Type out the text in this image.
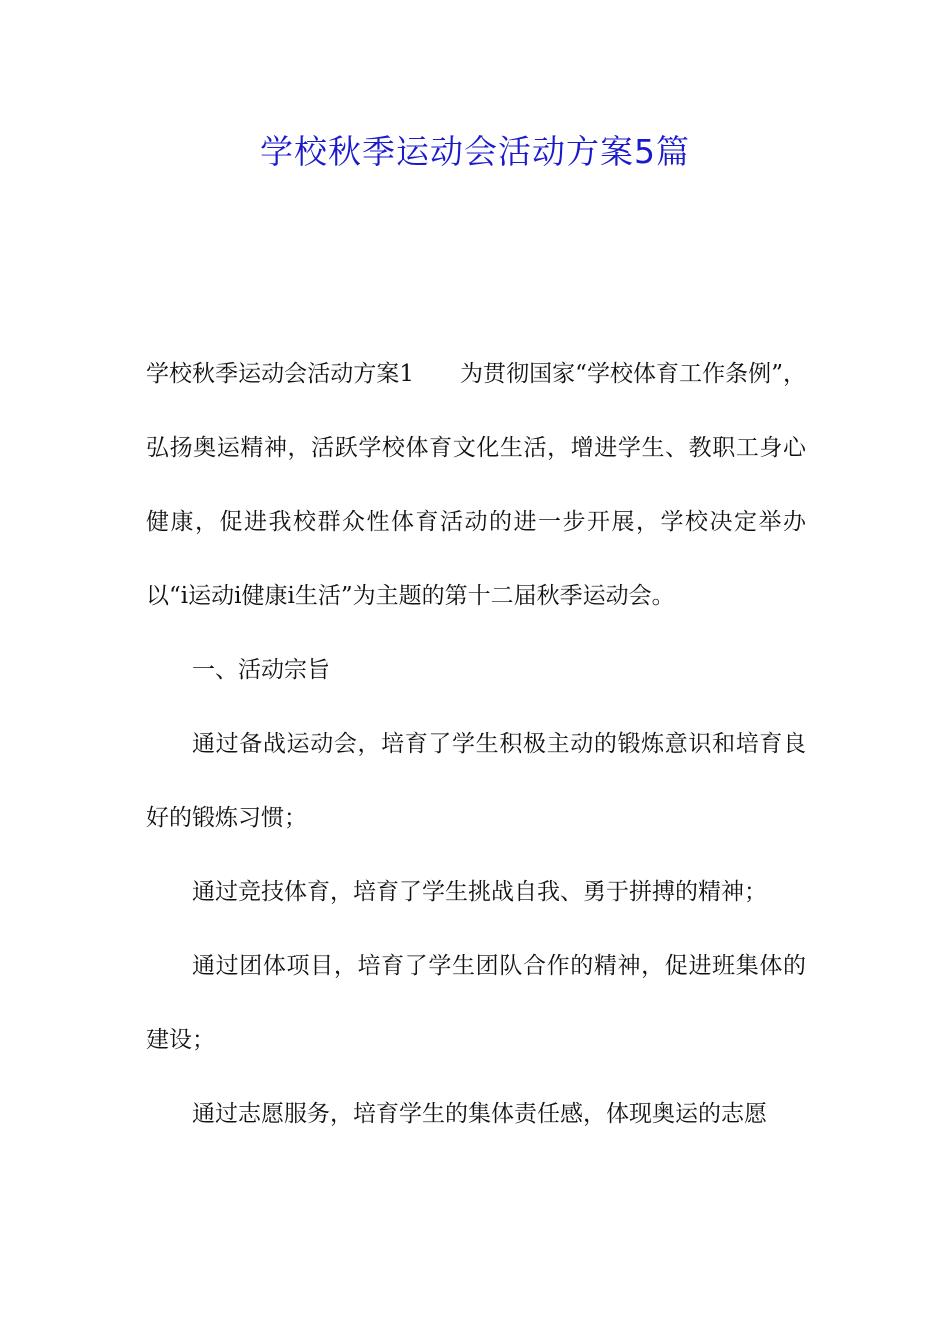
学校秋季运动会活动方案5篇

学校秋季运动会活动方案1 为贯彻国家“学校体育工作条例”，弘扬奥运精神，活跃学校体育文化生活，增进学生、教职工身心健康，促进我校群众性体育活动的进一步开展，学校决定举办以“i运动i健康i生活”为主题的第十二届秋季运动会。

一、活动宗旨

通过备战运动会，培育了学生积极主动的锻炼意识和培育良好的锻炼习惯；

通过竞技体育，培育了学生挑战自我、勇于拼搏的精神；

通过团体项目，培育了学生团队合作的精神，促进班集体的建设；

通过志愿服务，培育学生的集体责任感，体现奥运的志愿
